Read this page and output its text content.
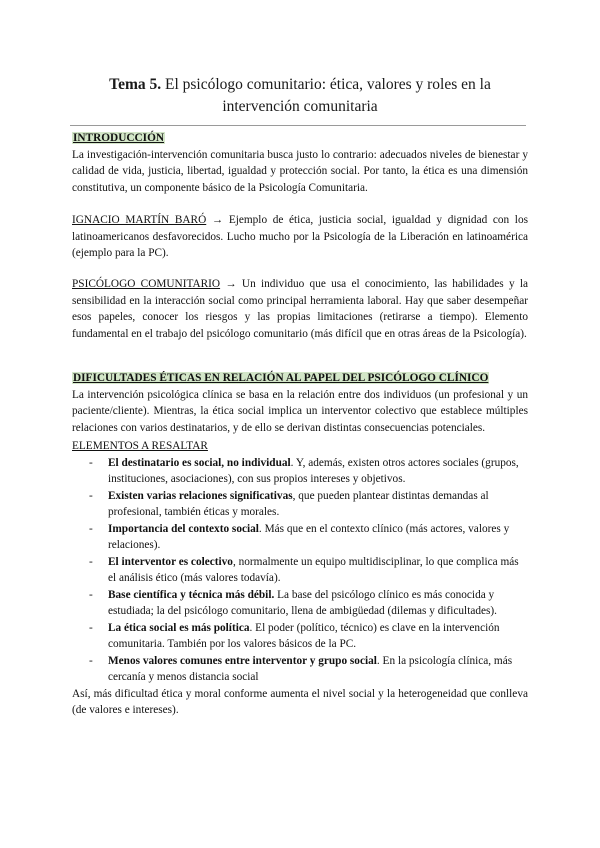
Tema 5. El psicólogo comunitario: ética, valores y roles en la intervención comunitaria
INTRODUCCIÓN

La investigación-intervención comunitaria busca justo lo contrario: adecuados niveles de bienestar y calidad de vida, justicia, libertad, igualdad y protección social. Por tanto, la ética es una dimensión constitutiva, un componente básico de la Psicología Comunitaria.

IGNACIO MARTÍN BARÓ → Ejemplo de ética, justicia social, igualdad y dignidad con los latinoamericanos desfavorecidos. Lucho mucho por la Psicología de la Liberación en latinoamérica (ejemplo para la PC).

PSICÓLOGO COMUNITARIO → Un individuo que usa el conocimiento, las habilidades y la sensibilidad en la interacción social como principal herramienta laboral. Hay que saber desempeñar esos papeles, conocer los riesgos y las propias limitaciones (retirarse a tiempo). Elemento fundamental en el trabajo del psicólogo comunitario (más difícil que en otras áreas de la Psicología).

DIFICULTADES ÉTICAS EN RELACIÓN AL PAPEL DEL PSICÓLOGO CLÍNICO

La intervención psicológica clínica se basa en la relación entre dos individuos (un profesional y un paciente/cliente). Mientras, la ética social implica un interventor colectivo que establece múltiples relaciones con varios destinatarios, y de ello se derivan distintas consecuencias potenciales.

ELEMENTOS A RESALTAR
- El destinatario es social, no individual. Y, además, existen otros actores sociales (grupos, instituciones, asociaciones), con sus propios intereses y objetivos.
- Existen varias relaciones significativas, que pueden plantear distintas demandas al profesional, también éticas y morales.
- Importancia del contexto social. Más que en el contexto clínico (más actores, valores y relaciones).
- El interventor es colectivo, normalmente un equipo multidisciplinar, lo que complica más el análisis ético (más valores todavía).
- Base científica y técnica más débil. La base del psicólogo clínico es más conocida y estudiada; la del psicólogo comunitario, llena de ambigüedad (dilemas y dificultades).
- La ética social es más política. El poder (político, técnico) es clave en la intervención comunitaria. También por los valores básicos de la PC.
- Menos valores comunes entre interventor y grupo social. En la psicología clínica, más cercanía y menos distancia social

Así, más dificultad ética y moral conforme aumenta el nivel social y la heterogeneidad que conlleva (de valores e intereses).
